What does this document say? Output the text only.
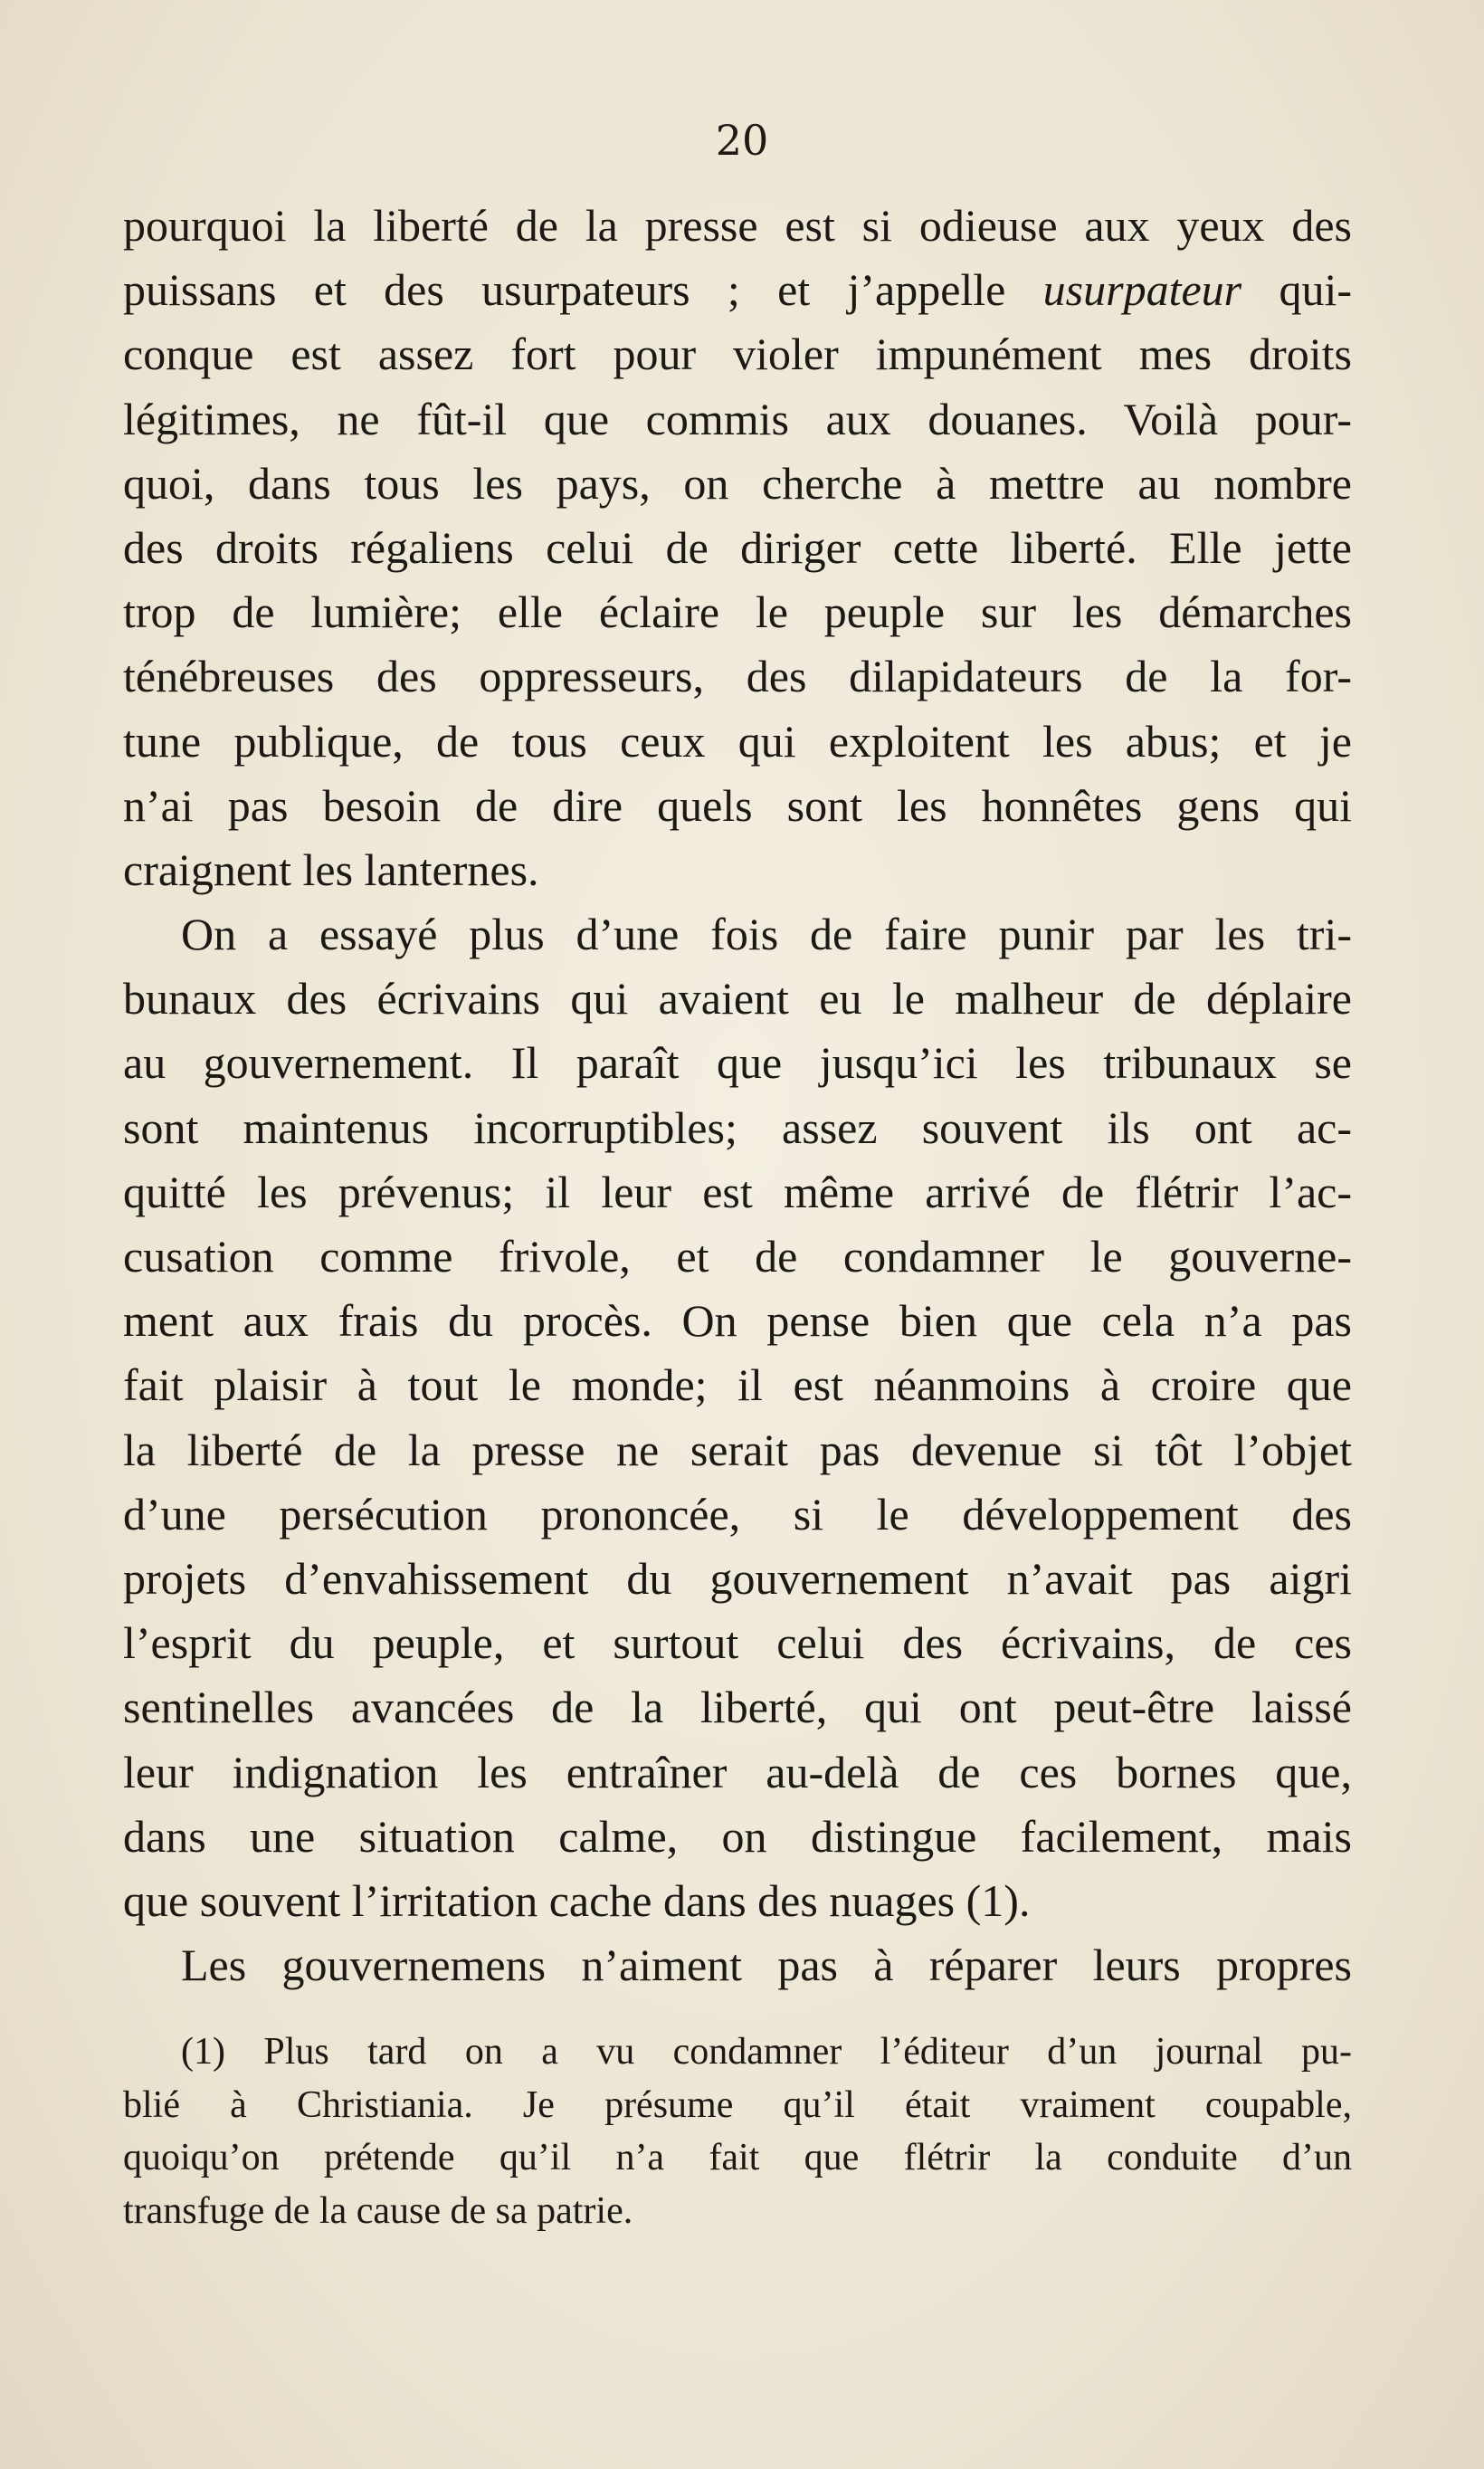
20
pourquoi la liberté de la presse est si odieuse aux yeux des
puissans et des usurpateurs ; et j’appelle usurpateur qui-
conque est assez fort pour violer impunément mes droits
légitimes, ne fût-il que commis aux douanes. Voilà pour-
quoi, dans tous les pays, on cherche à mettre au nombre
des droits régaliens celui de diriger cette liberté. Elle jette
trop de lumière; elle éclaire le peuple sur les démarches
ténébreuses des oppresseurs, des dilapidateurs de la for-
tune publique, de tous ceux qui exploitent les abus; et je
n’ai pas besoin de dire quels sont les honnêtes gens qui
craignent les lanternes.
On a essayé plus d’une fois de faire punir par les tri-
bunaux des écrivains qui avaient eu le malheur de déplaire
au gouvernement. Il paraît que jusqu’ici les tribunaux se
sont maintenus incorruptibles; assez souvent ils ont ac-
quitté les prévenus; il leur est même arrivé de flétrir l’ac-
cusation comme frivole, et de condamner le gouverne-
ment aux frais du procès. On pense bien que cela n’a pas
fait plaisir à tout le monde; il est néanmoins à croire que
la liberté de la presse ne serait pas devenue si tôt l’objet
d’une persécution prononcée, si le développement des
projets d’envahissement du gouvernement n’avait pas aigri
l’esprit du peuple, et surtout celui des écrivains, de ces
sentinelles avancées de la liberté, qui ont peut-être laissé
leur indignation les entraîner au-delà de ces bornes que,
dans une situation calme, on distingue facilement, mais
que souvent l’irritation cache dans des nuages (1).
Les gouvernemens n’aiment pas à réparer leurs propres
(1) Plus tard on a vu condamner l’éditeur d’un journal pu-
blié à Christiania. Je présume qu’il était vraiment coupable,
quoiqu’on prétende qu’il n’a fait que flétrir la conduite d’un
transfuge de la cause de sa patrie.
